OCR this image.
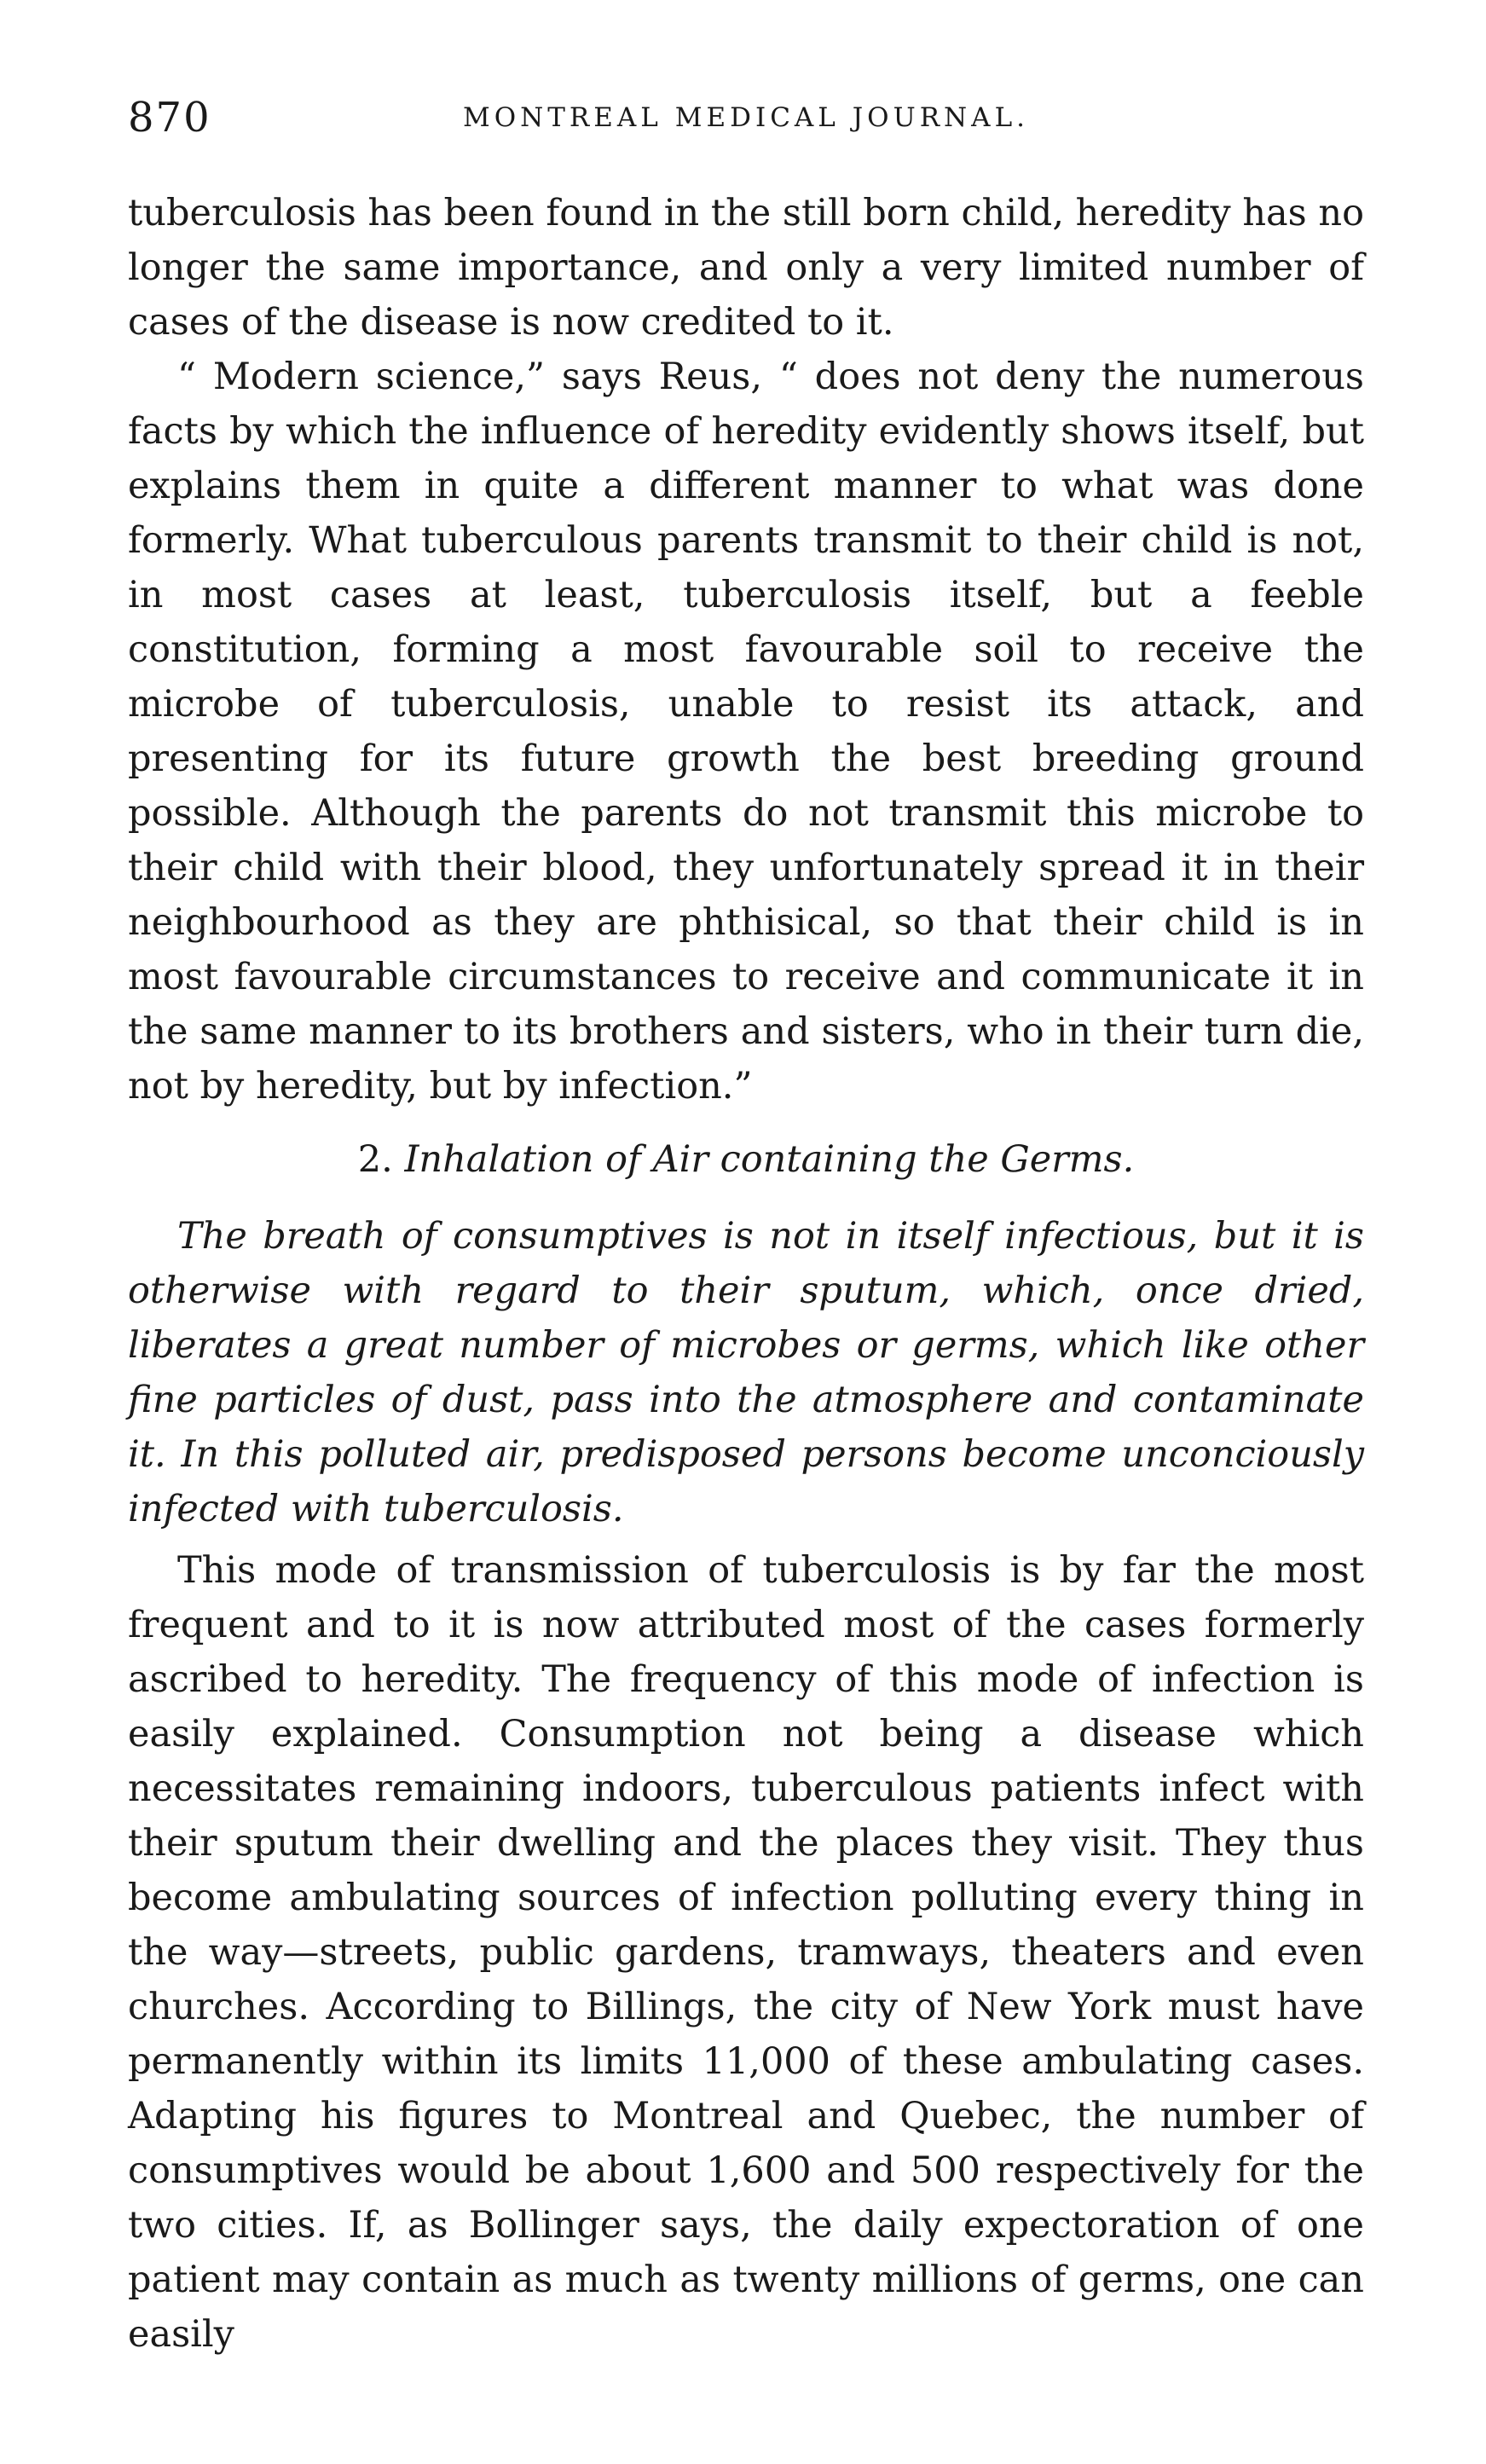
870	MONTREAL MEDICAL JOURNAL.

tuberculosis has been found in the still born child, heredity has no longer the same importance, and only a very limited number of cases of the disease is now credited to it.

“ Modern science,” says Reus, “ does not deny the numerous facts by which the influence of heredity evidently shows itself, but explains them in quite a different manner to what was done formerly. What tuberculous parents transmit to their child is not, in most cases at least, tuberculosis itself, but a feeble constitution, forming a most favourable soil to receive the microbe of tuberculosis, unable to resist its attack, and presenting for its future growth the best breeding ground possible. Although the parents do not transmit this microbe to their child with their blood, they unfortunately spread it in their neighbourhood as they are phthisical, so that their child is in most favourable circumstances to receive and communicate it in the same manner to its brothers and sisters, who in their turn die, not by heredity, but by infection.”

2. Inhalation of Air containing the Germs.

The breath of consumptives is not in itself infectious, but it is otherwise with regard to their sputum, which, once dried, liberates a great number of microbes or germs, which like other fine particles of dust, pass into the atmosphere and contaminate it. In this polluted air, predisposed persons become unconciously infected with tuberculosis.

This mode of transmission of tuberculosis is by far the most frequent and to it is now attributed most of the cases formerly ascribed to heredity. The frequency of this mode of infection is easily explained. Consumption not being a disease which necessitates remaining indoors, tuberculous patients infect with their sputum their dwelling and the places they visit. They thus become ambulating sources of infection polluting every thing in the way—streets, public gardens, tramways, theaters and even churches. According to Billings, the city of New York must have permanently within its limits 11,000 of these ambulating cases. Adapting his figures to Montreal and Quebec, the number of consumptives would be about 1,600 and 500 respectively for the two cities. If, as Bollinger says, the daily expectoration of one patient may contain as much as twenty millions of germs, one can easily
